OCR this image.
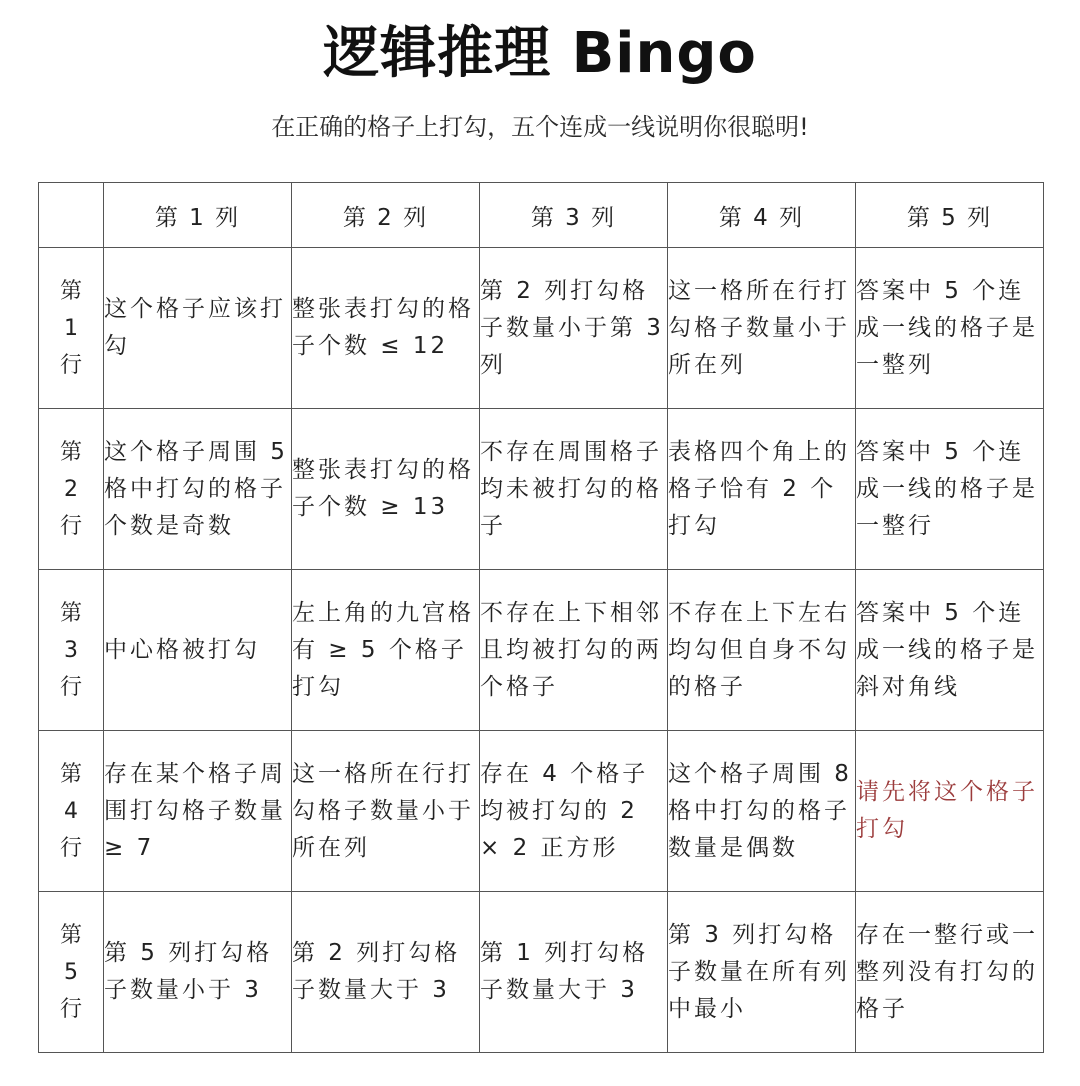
逻辑推理 Bingo
在正确的格子上打勾，五个连成一线说明你很聪明!
	第 1 列	第 2 列	第 3 列	第 4 列	第 5 列
第1行	这个格子应该打勾	整张表打勾的格子个数 ≤ 12	第 2 列打勾格子数量小于第 3 列	这一格所在行打勾格子数量小于所在列	答案中 5 个连成一线的格子是一整列
第2行	这个格子周围 5 格中打勾的格子个数是奇数	整张表打勾的格子个数 ≥ 13	不存在周围格子均未被打勾的格子	表格四个角上的格子恰有 2 个打勾	答案中 5 个连成一线的格子是一整行
第3行	中心格被打勾	左上角的九宫格有 ≥ 5 个格子打勾	不存在上下相邻且均被打勾的两个格子	不存在上下左右均勾但自身不勾的格子	答案中 5 个连成一线的格子是斜对角线
第4行	存在某个格子周围打勾格子数量 ≥ 7	这一格所在行打勾格子数量小于所在列	存在 4 个格子均被打勾的 2 × 2 正方形	这个格子周围 8 格中打勾的格子数量是偶数	请先将这个格子打勾
第5行	第 5 列打勾格子数量小于 3	第 2 列打勾格子数量大于 3	第 1 列打勾格子数量大于 3	第 3 列打勾格子数量在所有列中最小	存在一整行或一整列没有打勾的格子
